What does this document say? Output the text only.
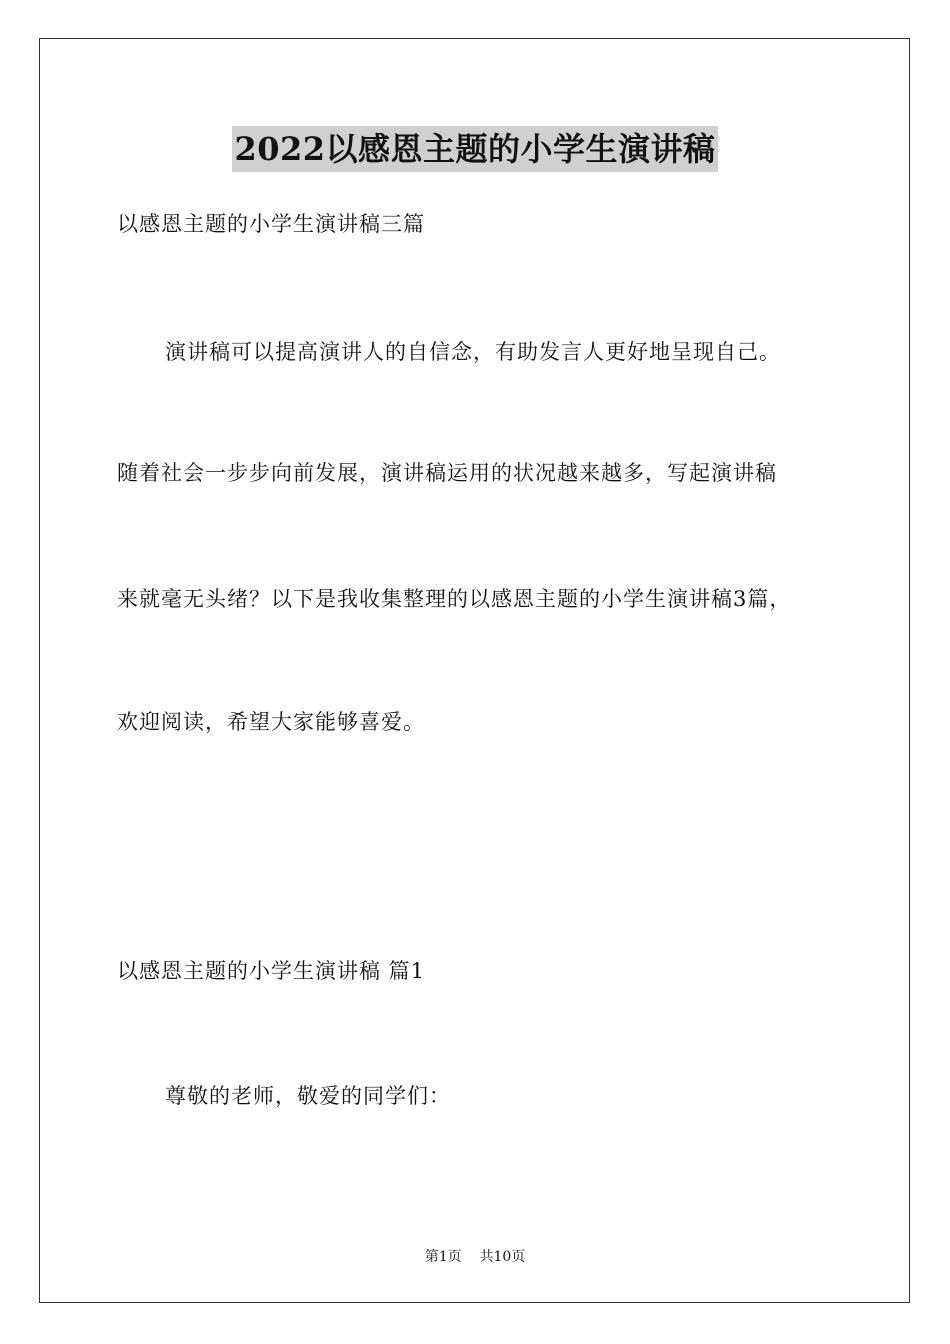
2022以感恩主题的小学生演讲稿
以感恩主题的小学生演讲稿三篇
演讲稿可以提高演讲人的自信念，有助发言人更好地呈现自己。
随着社会一步步向前发展，演讲稿运用的状况越来越多，写起演讲稿
来就毫无头绪？以下是我收集整理的以感恩主题的小学生演讲稿3篇，
欢迎阅读，希望大家能够喜爱。
以感恩主题的小学生演讲稿 篇1
尊敬的老师，敬爱的同学们：
第1页 共10页
